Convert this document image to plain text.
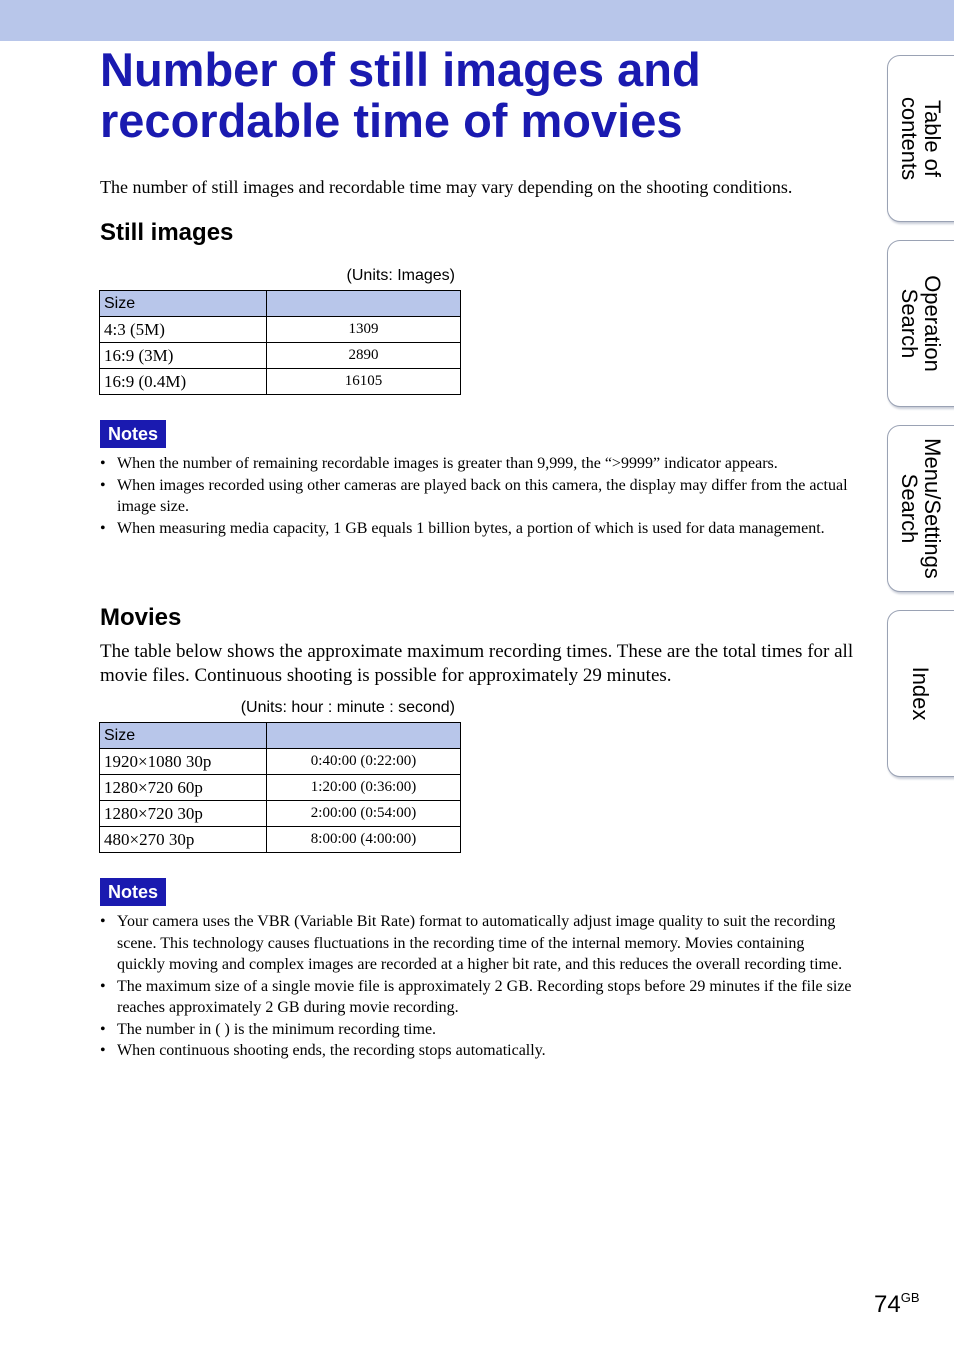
Number of still images and recordable time of movies

The number of still images and recordable time may vary depending on the shooting conditions.

Still images
(Units: Images)
Size	
4:3 (5M)	1309
16:9 (3M)	2890
16:9 (0.4M)	16105
Notes
• When the number of remaining recordable images is greater than 9,999, the “>9999” indicator appears.
• When images recorded using other cameras are played back on this camera, the display may differ from the actual image size.
• When measuring media capacity, 1 GB equals 1 billion bytes, a portion of which is used for data management.
Movies

The table below shows the approximate maximum recording times. These are the total times for all movie files. Continuous shooting is possible for approximately 29 minutes.

(Units: hour : minute : second)
Size	
1920×1080 30p	0:40:00 (0:22:00)
1280×720 60p	1:20:00 (0:36:00)
1280×720 30p	2:00:00 (0:54:00)
480×270 30p	8:00:00 (4:00:00)
Notes
• Your camera uses the VBR (Variable Bit Rate) format to automatically adjust image quality to suit the recording scene. This technology causes fluctuations in the recording time of the internal memory. Movies containing quickly moving and complex images are recorded at a higher bit rate, and this reduces the overall recording time.
• The maximum size of a single movie file is approximately 2 GB. Recording stops before 29 minutes if the file size reaches approximately 2 GB during movie recording.
• The number in ( ) is the minimum recording time.
• When continuous shooting ends, the recording stops automatically.
Table of
contents
Operation
Search
Menu/Settings
Search
Index
$74^{GB}$
